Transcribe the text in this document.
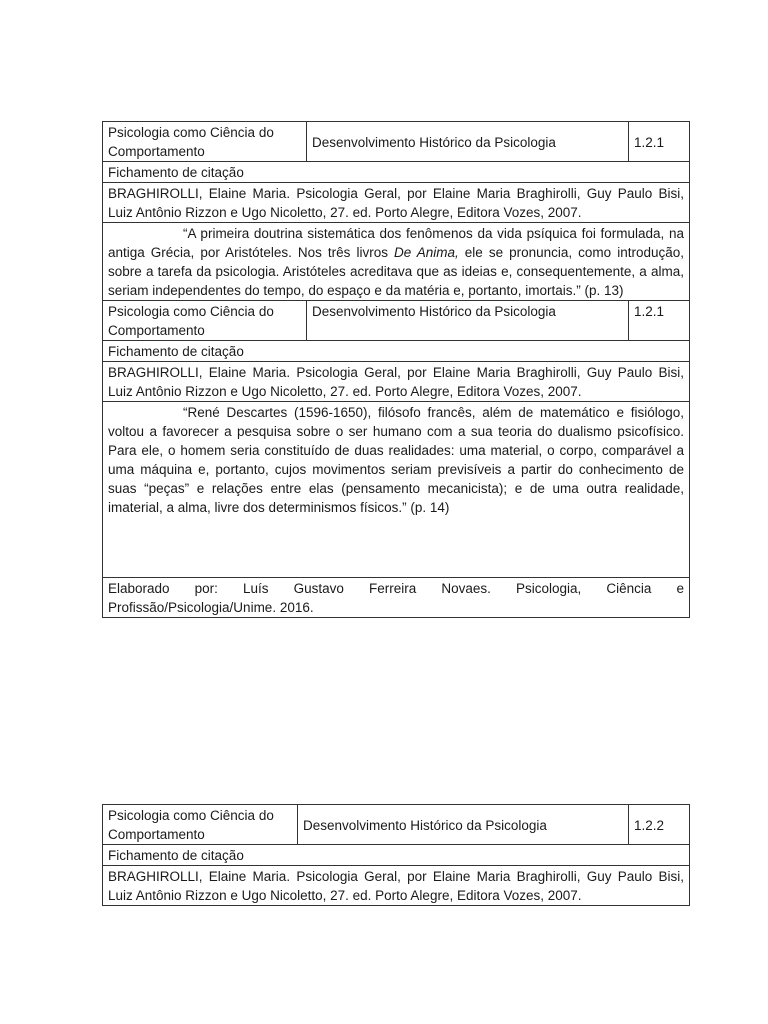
Psicologia como Ciência do Comportamento	Desenvolvimento Histórico da Psicologia	1.2.1
Fichamento de citação
BRAGHIROLLI, Elaine Maria. Psicologia Geral, por Elaine Maria Braghirolli, Guy Paulo Bisi, Luiz Antônio Rizzon e Ugo Nicoletto, 27. ed. Porto Alegre, Editora Vozes, 2007.
“A primeira doutrina sistemática dos fenômenos da vida psíquica foi formulada, na antiga Grécia, por Aristóteles. Nos três livros De Anima, ele se pronuncia, como introdução, sobre a tarefa da psicologia. Aristóteles acreditava que as ideias e, consequentemente, a alma, seriam independentes do tempo, do espaço e da matéria e, portanto, imortais.” (p. 13)
Psicologia como Ciência do Comportamento	Desenvolvimento Histórico da Psicologia	1.2.1
Fichamento de citação
BRAGHIROLLI, Elaine Maria. Psicologia Geral, por Elaine Maria Braghirolli, Guy Paulo Bisi, Luiz Antônio Rizzon e Ugo Nicoletto, 27. ed. Porto Alegre, Editora Vozes, 2007.
“René Descartes (1596-1650), filósofo francês, além de matemático e fisiólogo, voltou a favorecer a pesquisa sobre o ser humano com a sua teoria do dualismo psicofísico. Para ele, o homem seria constituído de duas realidades: uma material, o corpo, comparável a uma máquina e, portanto, cujos movimentos seriam previsíveis a partir do conhecimento de suas “peças” e relações entre elas (pensamento mecanicista); e de uma outra realidade, imaterial, a alma, livre dos determinismos físicos.” (p. 14)
Elaborado por: Luís Gustavo Ferreira Novaes. Psicologia, Ciência e Profissão/Psicologia/Unime. 2016.
Psicologia como Ciência do Comportamento	Desenvolvimento Histórico da Psicologia	1.2.2
Fichamento de citação
BRAGHIROLLI, Elaine Maria. Psicologia Geral, por Elaine Maria Braghirolli, Guy Paulo Bisi, Luiz Antônio Rizzon e Ugo Nicoletto, 27. ed. Porto Alegre, Editora Vozes, 2007.
